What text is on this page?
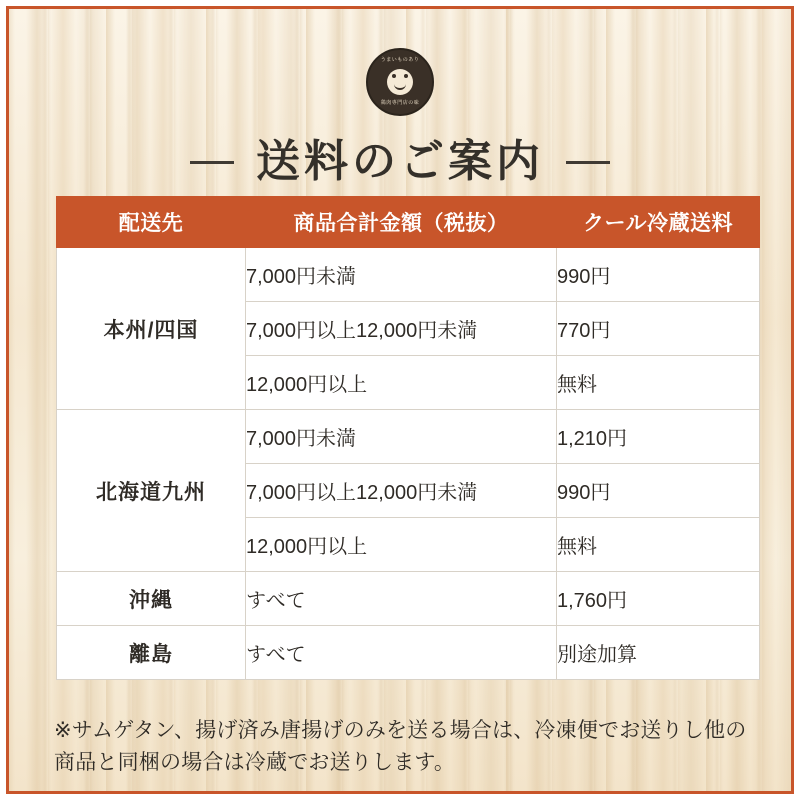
うまいものあり
鶏肉専門店の味
送料のご案内
配送先	商品合計金額（税抜）	クール冷蔵送料
本州/四国	7,000円未満	990円
	7,000円以上12,000円未満	770円
	12,000円以上	無料
北海道九州	7,000円未満	1,210円
	7,000円以上12,000円未満	990円
	12,000円以上	無料
沖縄	すべて	1,760円
離島	すべて	別途加算

※サムゲタン、揚げ済み唐揚げのみを送る場合は、冷凍便でお送りし他の商品と同梱の場合は冷蔵でお送りします。
